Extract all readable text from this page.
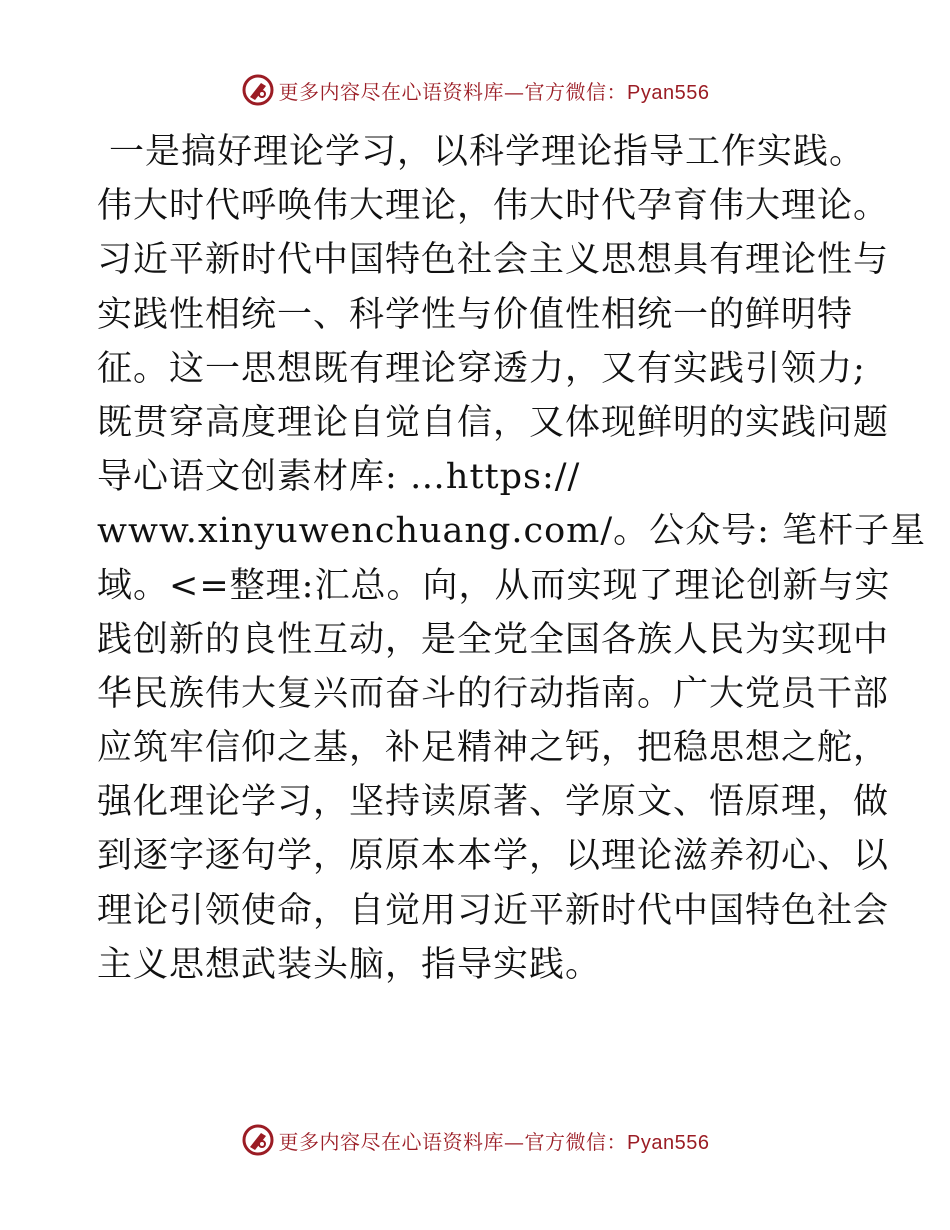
更多内容尽在心语资料库—官方微信：Pyan556
一是搞好理论学习，以科学理论指导工作实践。
伟大时代呼唤伟大理论，伟大时代孕育伟大理论。
习近平新时代中国特色社会主义思想具有理论性与
实践性相统一、科学性与价值性相统一的鲜明特
征。这一思想既有理论穿透力，又有实践引领力;
既贯穿高度理论自觉自信，又体现鲜明的实践问题
导心语文创素材库: …https://
www.xinyuwenchuang.com/。公众号: 笔杆子星
域。<=整理:汇总。向，从而实现了理论创新与实
践创新的良性互动，是全党全国各族人民为实现中
华民族伟大复兴而奋斗的行动指南。广大党员干部
应筑牢信仰之基，补足精神之钙，把稳思想之舵，
强化理论学习，坚持读原著、学原文、悟原理，做
到逐字逐句学，原原本本学，以理论滋养初心、以
理论引领使命，自觉用习近平新时代中国特色社会
主义思想武装头脑，指导实践。
更多内容尽在心语资料库—官方微信：Pyan556
